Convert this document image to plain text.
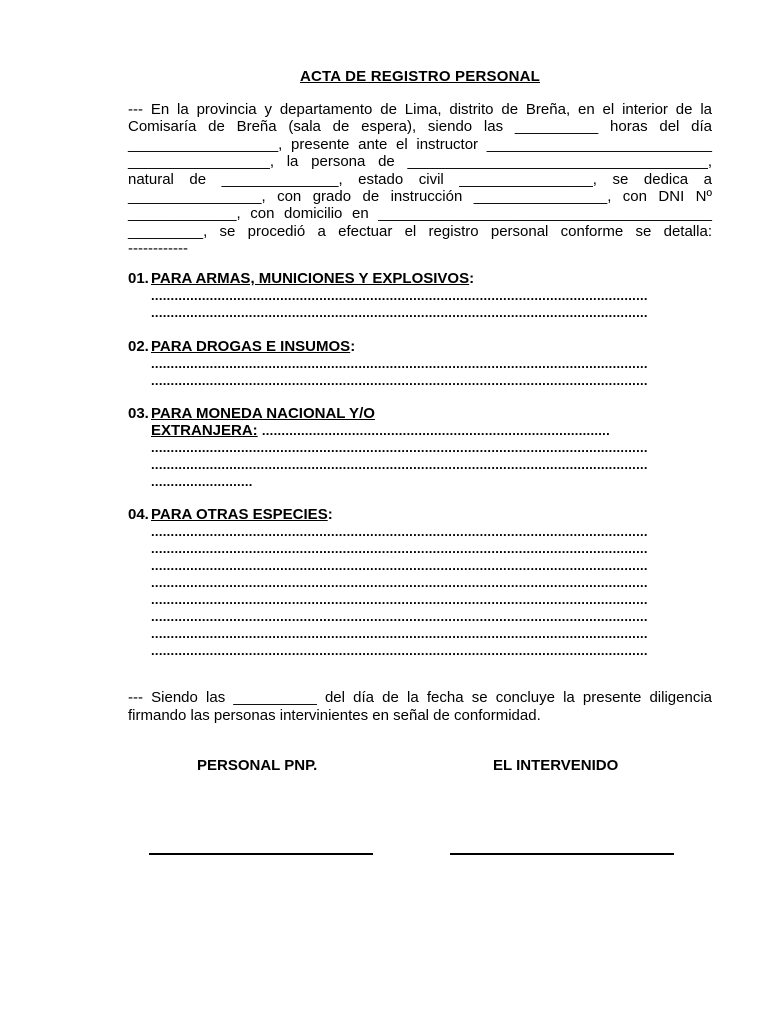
ACTA DE REGISTRO PERSONAL
--- En la provincia y departamento de Lima, distrito de Breña, en el interior de la
Comisaría de Breña (sala de espera), siendo las __________ horas del día
__________________, presente ante el instructor ___________________________
_________________, la persona de ____________________________________,
natural de ______________, estado civil ________________, se dedica a
________________, con grado de instrucción ________________, con DNI Nº
_____________, con domicilio en ________________________________________
_________, se procedió a efectuar el registro personal conforme se detalla:
------------
01. PARA ARMAS, MUNICIONES Y EXPLOSIVOS:
...............................................................................................................................
...............................................................................................................................
02. PARA DROGAS E INSUMOS:
...............................................................................................................................
...............................................................................................................................
03. PARA MONEDA NACIONAL Y/O
EXTRANJERA: .........................................................................................
...............................................................................................................................
...............................................................................................................................
..........................
04. PARA OTRAS ESPECIES:
...............................................................................................................................
...............................................................................................................................
...............................................................................................................................
...............................................................................................................................
...............................................................................................................................
...............................................................................................................................
...............................................................................................................................
...............................................................................................................................
--- Siendo las __________ del día de la fecha se concluye la presente diligencia firmando las personas intervinientes en señal de conformidad.
PERSONAL PNP.	EL INTERVENIDO
